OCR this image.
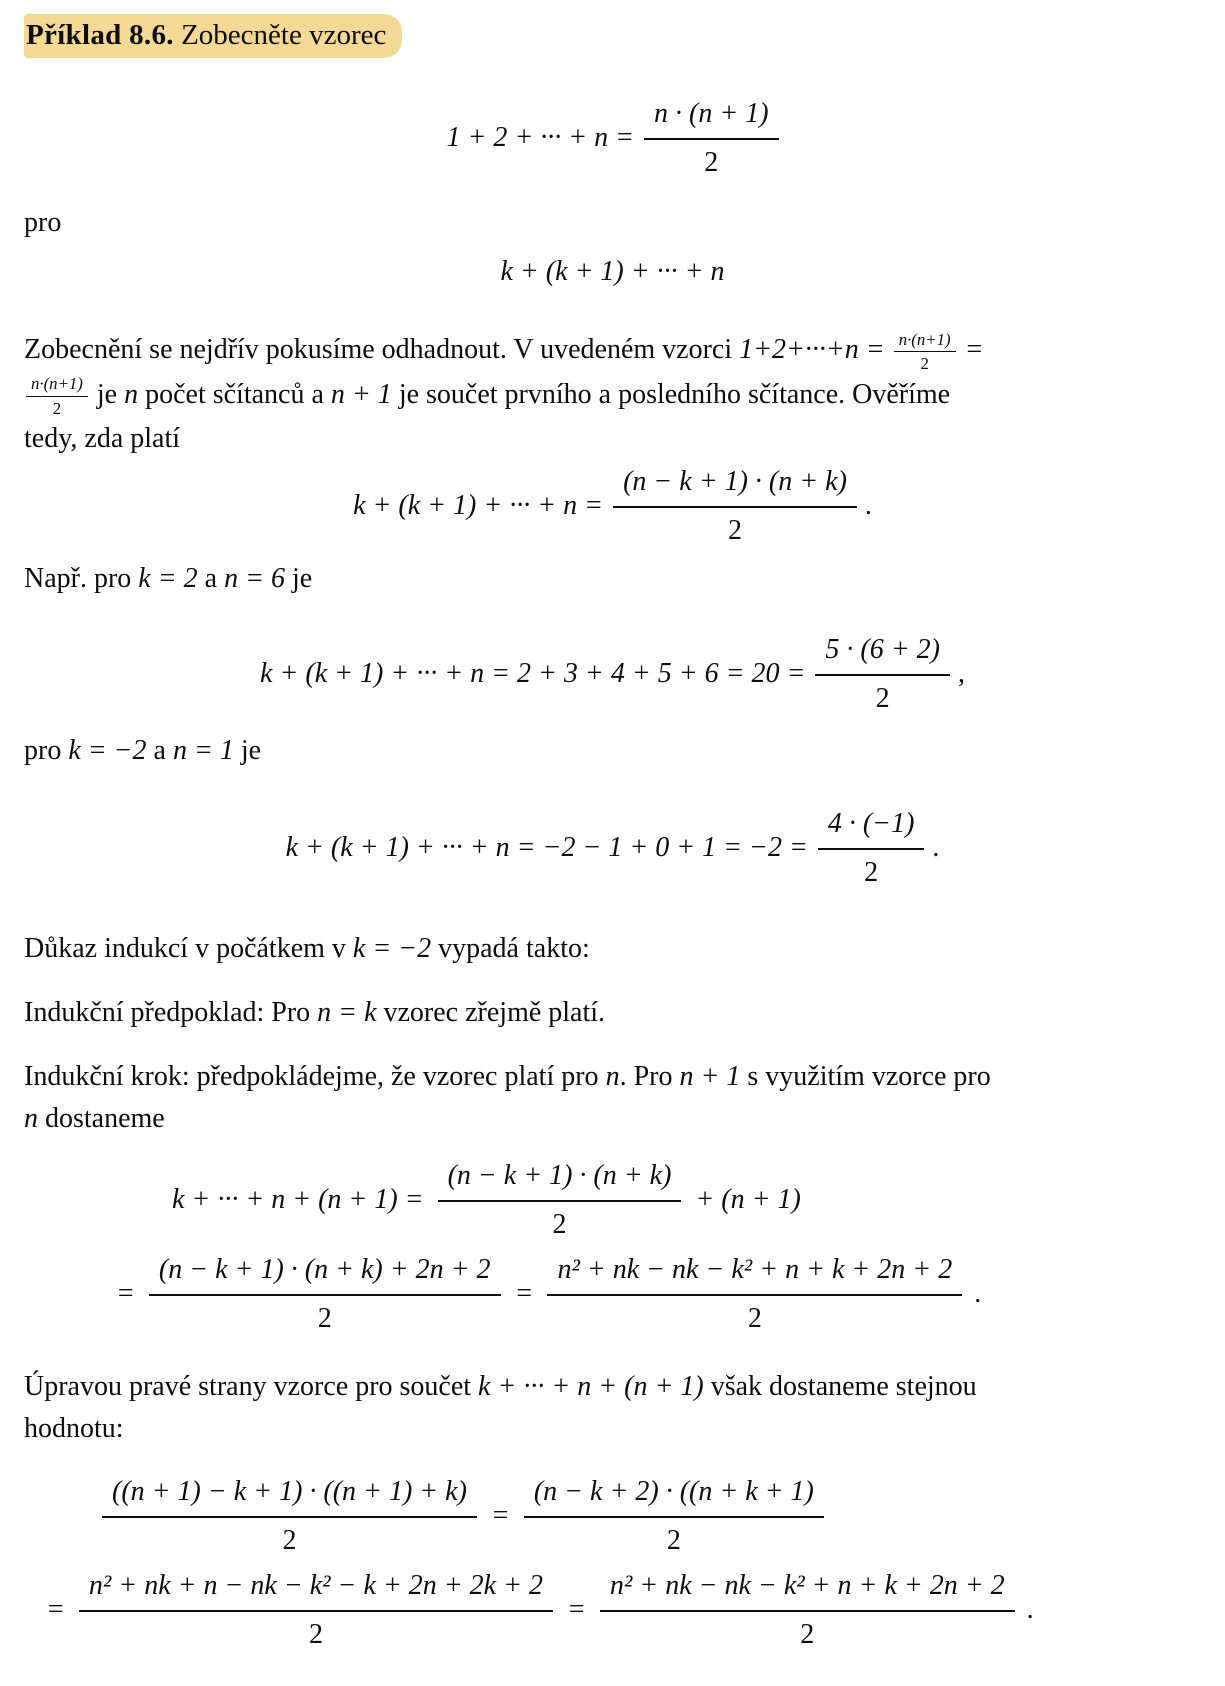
Příklad 8.6. Zobecněte vzorec
1 + 2 + ··· + $n = \frac{n \cdot (n + 1)}{2}$

pro

k + (k + 1) + ··· + n
Zobecnění se nejdřív pokusíme odhadnout. V uvedeném vzorci $1+2+\cdot\cdot\cdot+n = \frac{n\cdot(n+1)}{2}$ =
$\frac{n\cdot(n+1)}{2}$ je n počet sčítanců a n + 1 je součet prvního a posledního sčítance. Ověříme
tedy, zda platí
k + (k + 1) + ··· + $n = \frac{(n - k + 1) \cdot (n + k)}{2}$ .

Např. pro k = 2 a n = 6 je

k + (k + 1) + ··· + $n = 2 + 3 + 4 + 5 + 6 = 20 = \frac{5 \cdot (6 + 2)}{2}$ ,

pro k = −2 a n = 1 je

k + (k + 1) + ··· + $n = -2 - 1 + 0 + 1 = -2 = \frac{4 \cdot (-1)}{2}$ .

Důkaz indukcí v počátkem v k = −2 vypadá takto:

Indukční předpoklad: Pro n = k vzorec zřejmě platí.

Indukční krok: předpokládejme, že vzorec platí pro n. Pro n + 1 s využitím vzorce pro
n dostaneme
k + ··· + $n + (n + 1) = \frac{(n - k + 1) \cdot (n + k)}{2} + (n + 1)$
= $\frac{(n - k + 1) \cdot (n + k) + 2n + 2}{2} = \frac{\text{n² + nk − nk − k² + n + k + 2n + 2}}{2}$ .
Úpravou pravé strany vzorce pro součet k + ··· + n + (n + 1) však dostaneme stejnou
hodnotu:
$\frac{((n + 1) - k + 1) \cdot ((n + 1) + k)}{2} = \frac{(n - k + 2) \cdot ((n + k + 1)}{2}$
= $\frac{\text{n² + nk + n − nk − k² − k + 2n + 2k + 2}}{2} = \frac{\text{n² + nk − nk − k² + n + k + 2n + 2}}{2}$ .
